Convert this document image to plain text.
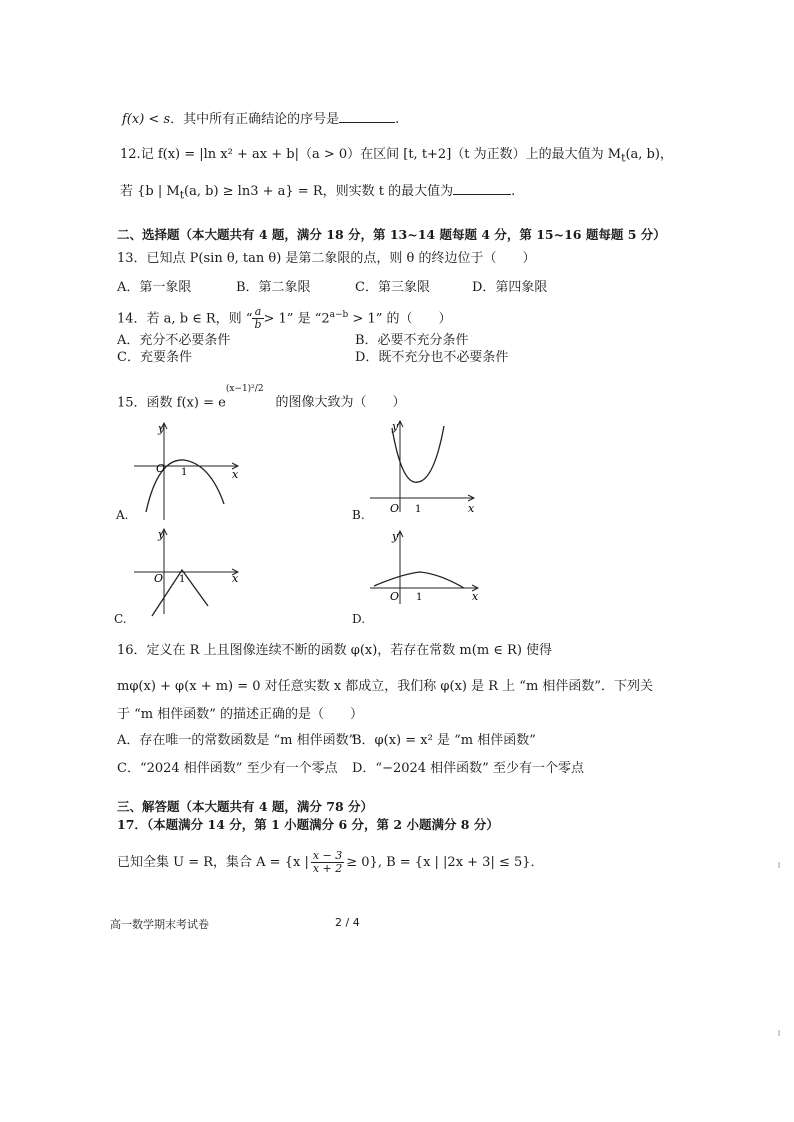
f(x) < s．其中所有正确结论的序号是	.
12.记 f(x) = |ln x² + ax + b|（a > 0）在区间 [t, t+2]（t 为正数）上的最大值为 $M_t(a$, b)，
若 {b | $M_t(a$, b) ≥ ln3 + a} = R，则实数 t 的最大值为	.
二、选择题（本大题共有 4 题，满分 18 分，第 13~14 题每题 4 分，第 15~16 题每题 5 分）
13．已知点 P(sin θ, tan θ) 是第二象限的点，则 θ 的终边位于（　　）
A．第一象限	B．第二象限	C．第三象限	D．第四象限
14．若 a, b ∈ R，则 “ $\frac{a}{b} > 1$” 是 “$2^{a-b} > 1$” 的（　　）
A．充分不必要条件	B．必要不充分条件
C．充要条件	D．既不充分也不必要条件
15．函数 $f(x) = e^{(x-1)^2/2}$的图像大致为（　　）
O 1
y
x
A.	O 1
y
x
B.
O 1
y
x
C.
O 1
y
x
D.
16．定义在 R 上且图像连续不断的函数 φ(x)，若存在常数 m(m ∈ R) 使得
mφ(x) + φ(x + m) = 0 对任意实数 x 都成立，我们称 φ(x) 是 R 上 “m 相伴函数”．下列关
于 “m 相伴函数” 的描述正确的是（　　）
A．存在唯一的常数函数是 “m 相伴函数”
B．φ(x) = x² 是 “m 相伴函数”
C．“2024 相伴函数” 至少有一个零点 D．“−2024 相伴函数” 至少有一个零点
三、解答题（本大题共有 4 题，满分 78 分）
17．（本题满分 14 分，第 1 小题满分 6 分，第 2 小题满分 8 分）
已知全集 U = R，集合 A = {x | $\frac{x - 3}{x + 2} \ge 0$}, B = {x | |2x + 3| ≤ 5}．
高一数学期末考试卷	2 / 4
